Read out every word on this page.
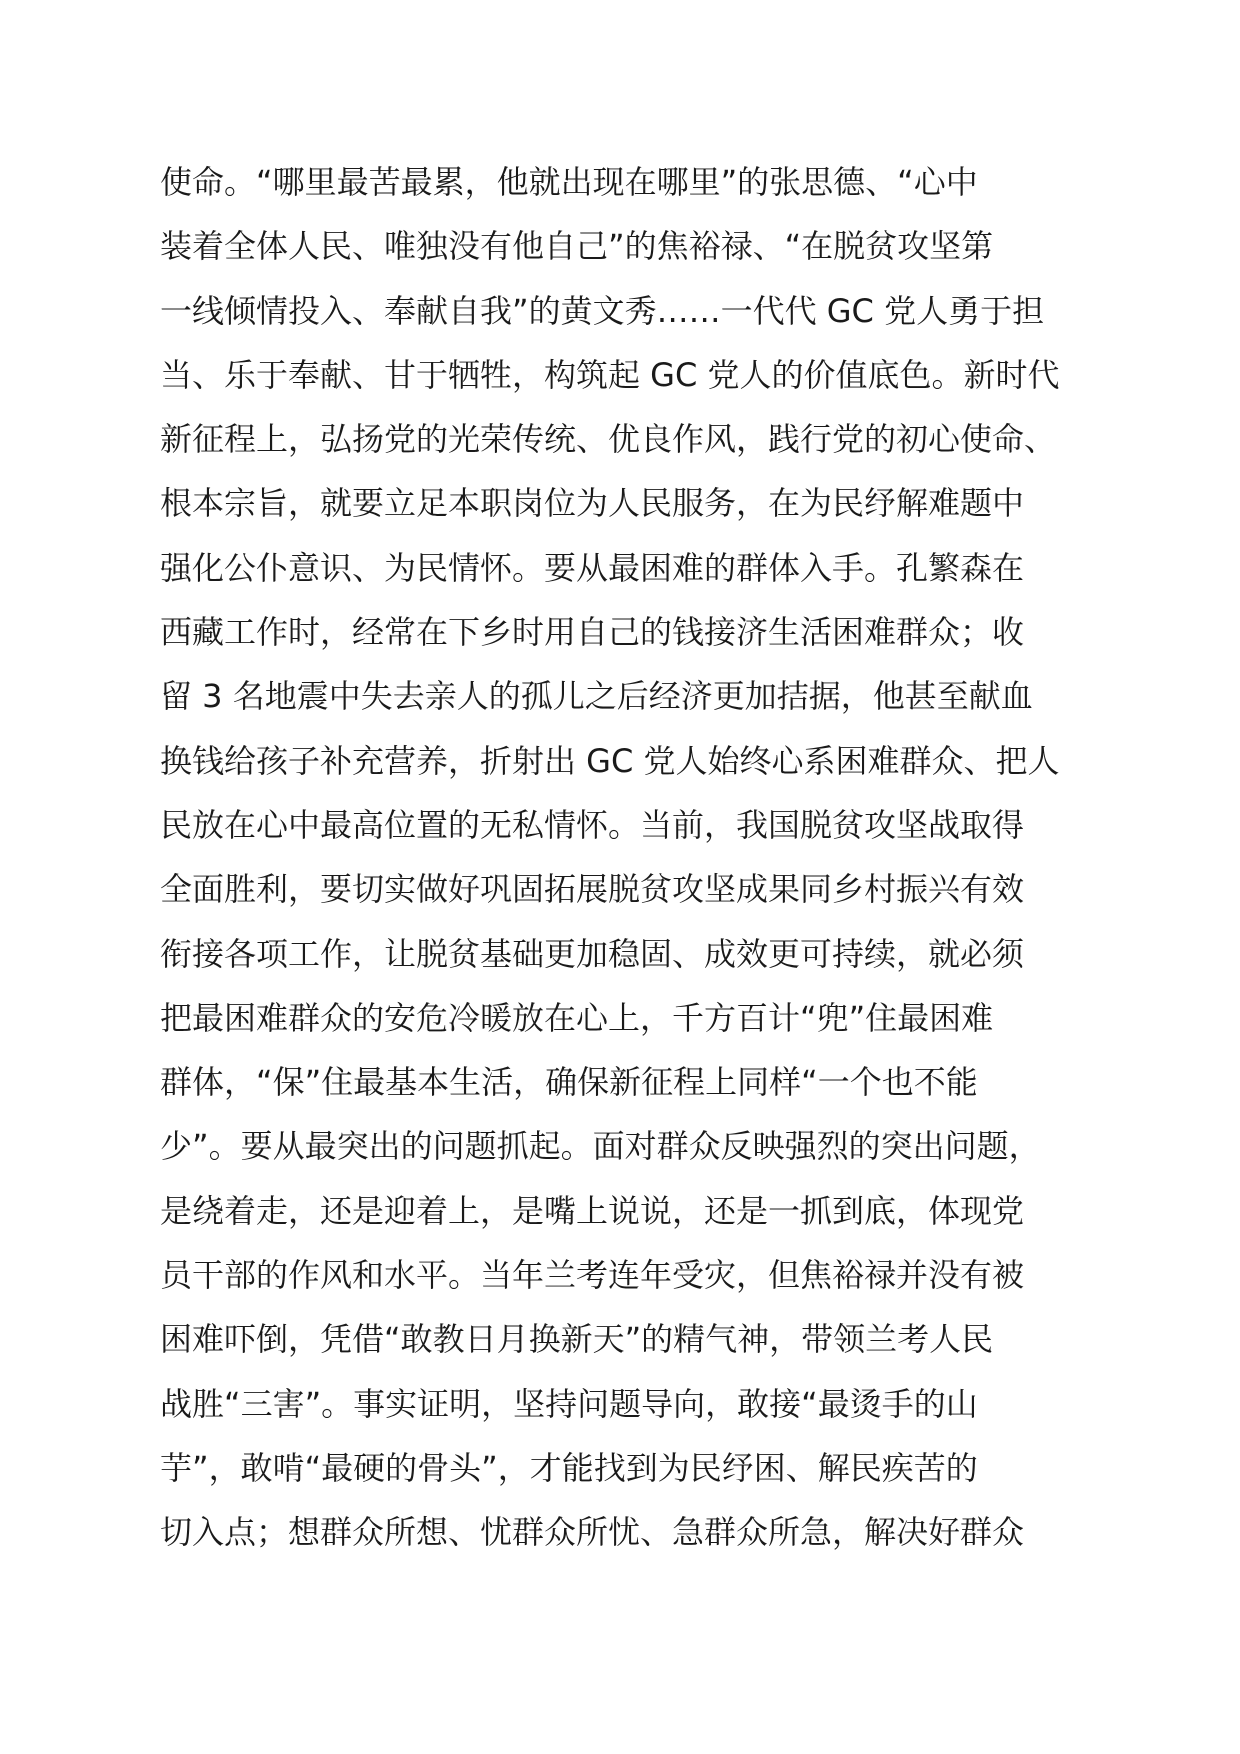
使命。“哪里最苦最累，他就出现在哪里”的张思德、“心中
装着全体人民、唯独没有他自己”的焦裕禄、“在脱贫攻坚第
一线倾情投入、奉献自我”的黄文秀……一代代 GC 党人勇于担
当、乐于奉献、甘于牺牲，构筑起 GC 党人的价值底色。新时代
新征程上，弘扬党的光荣传统、优良作风，践行党的初心使命、
根本宗旨，就要立足本职岗位为人民服务，在为民纾解难题中
强化公仆意识、为民情怀。要从最困难的群体入手。孔繁森在
西藏工作时，经常在下乡时用自己的钱接济生活困难群众；收
留 3 名地震中失去亲人的孤儿之后经济更加拮据，他甚至献血
换钱给孩子补充营养，折射出 GC 党人始终心系困难群众、把人
民放在心中最高位置的无私情怀。当前，我国脱贫攻坚战取得
全面胜利，要切实做好巩固拓展脱贫攻坚成果同乡村振兴有效
衔接各项工作，让脱贫基础更加稳固、成效更可持续，就必须
把最困难群众的安危冷暖放在心上，千方百计“兜”住最困难
群体，“保”住最基本生活，确保新征程上同样“一个也不能
少”。要从最突出的问题抓起。面对群众反映强烈的突出问题，
是绕着走，还是迎着上，是嘴上说说，还是一抓到底，体现党
员干部的作风和水平。当年兰考连年受灾，但焦裕禄并没有被
困难吓倒，凭借“敢教日月换新天”的精气神，带领兰考人民
战胜“三害”。事实证明，坚持问题导向，敢接“最烫手的山
芋”，敢啃“最硬的骨头”，才能找到为民纾困、解民疾苦的
切入点；想群众所想、忧群众所忧、急群众所急，解决好群众
